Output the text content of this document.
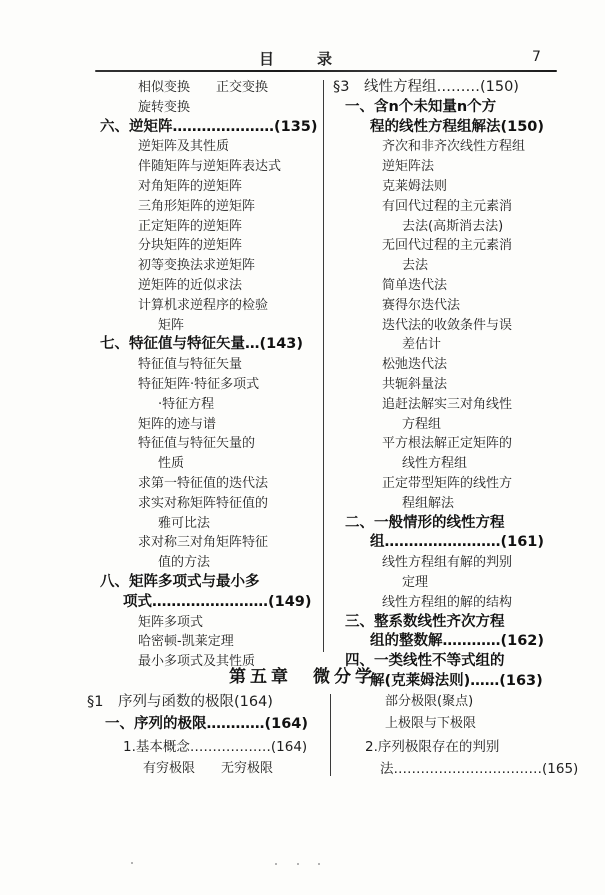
目　录	7
相似变换　　正交变换
旋转变换
六、逆矩阵…………………(135)
逆矩阵及其性质
伴随矩阵与逆矩阵表达式
对角矩阵的逆矩阵
三角形矩阵的逆矩阵
正定矩阵的逆矩阵
分块矩阵的逆矩阵
初等变换法求逆矩阵
逆矩阵的近似求法
计算机求逆程序的检验
矩阵
七、特征值与特征矢量…(143)
特征值与特征矢量
特征矩阵·特征多项式
·特征方程
矩阵的迹与谱
特征值与特征矢量的
性质
求第一特征值的迭代法
求实对称矩阵特征值的
雅可比法
求对称三对角矩阵特征
值的方法
八、矩阵多项式与最小多
项式……………………(149)
矩阵多项式
哈密顿-凯莱定理
最小多项式及其性质
§3　线性方程组………(150)
一、含n个未知量n个方
程的线性方程组解法(150)
齐次和非齐次线性方程组
逆矩阵法
克莱姆法则
有回代过程的主元素消
去法(高斯消去法)
无回代过程的主元素消
去法
简单迭代法
赛得尔迭代法
迭代法的收敛条件与误
差估计
松弛迭代法
共轭斜量法
追赶法解实三对角线性
方程组
平方根法解正定矩阵的
线性方程组
正定带型矩阵的线性方
程组解法
二、一般情形的线性方程
组……………………(161)
线性方程组有解的判别
定理
线性方程组的解的结构
三、整系数线性齐次方程
组的整数解…………(162)
四、一类线性不等式组的
解(克莱姆法则)……(163)
第五章　微分学
§1　序列与函数的极限(164)
一、序列的极限…………(164)
1.基本概念………………(164)
有穷极限　　无穷极限
部分极限(聚点)
上极限与下极限
2.序列极限存在的判别
法……………………………(165)
